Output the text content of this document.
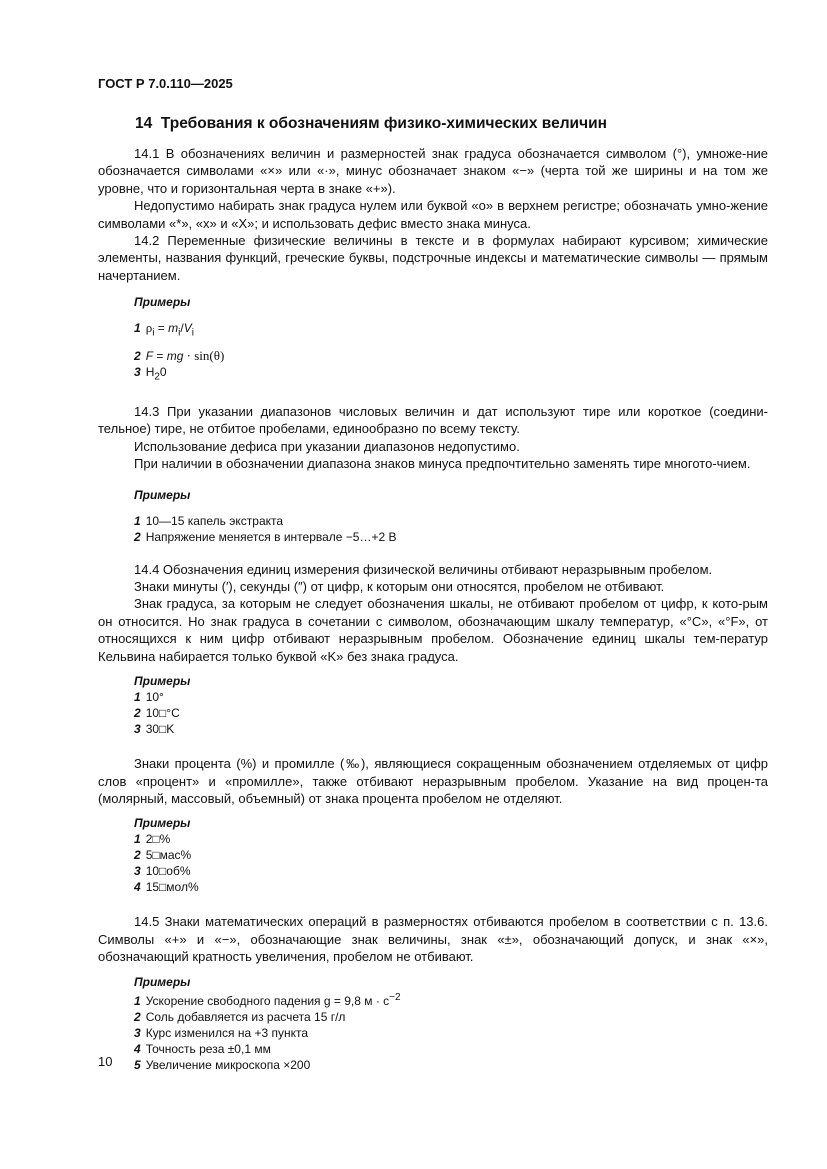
ГОСТ Р 7.0.110—2025
14 Требования к обозначениям физико-химических величин

14.1 В обозначениях величин и размерностей знак градуса обозначается символом (°), умноже-ние обозначается символами «×» или «·», минус обозначает знаком «−» (черта той же ширины и на том же уровне, что и горизонтальная черта в знаке «+»).

Недопустимо набирать знак градуса нулем или буквой «о» в верхнем регистре; обозначать умно-жение символами «*», «x» и «X»; и использовать дефис вместо знака минуса.

14.2 Переменные физические величины в тексте и в формулах набирают курсивом; химические элементы, названия функций, греческие буквы, подстрочные индексы и математические символы — прямым начертанием.

Примеры
1 $\rho_i = m_i/V_i$
2 F = mg · sin(θ)
3 $H_20$

14.3 При указании диапазонов числовых величин и дат используют тире или короткое (соедини-тельное) тире, не отбитое пробелами, единообразно по всему тексту.

Использование дефиса при указании диапазонов недопустимо.

При наличии в обозначении диапазона знаков минуса предпочтительно заменять тире многото-чием.

Примеры
1 10—15 капель экстракта
2 Напряжение меняется в интервале −5…+2 В

14.4 Обозначения единиц измерения физической величины отбивают неразрывным пробелом.

Знаки минуты (′), секунды (″) от цифр, к которым они относятся, пробелом не отбивают.

Знак градуса, за которым не следует обозначения шкалы, не отбивают пробелом от цифр, к кото-рым он относится. Но знак градуса в сочетании с символом, обозначающим шкалу температур, «°C», «°F», от относящихся к ним цифр отбивают неразрывным пробелом. Обозначение единиц шкалы тем-ператур Кельвина набирается только буквой «K» без знака градуса.

Примеры
1 10°
2 10□°C
3 30□K

Знаки процента (%) и промилле (‰), являющиеся сокращенным обозначением отделяемых от цифр слов «процент» и «промилле», также отбивают неразрывным пробелом. Указание на вид процен-та (молярный, массовый, объемный) от знака процента пробелом не отделяют.

Примеры
1 2□%
2 5□мас%
3 10□об%
4 15□мол%

14.5 Знаки математических операций в размерностях отбиваются пробелом в соответствии с п. 13.6. Символы «+» и «−», обозначающие знак величины, знак «±», обозначающий допуск, и знак «×», обозначающий кратность увеличения, пробелом не отбивают.

Примеры
1 Ускорение свободного падения g = 9,8 $м \cdot с^{-2}$
2 Соль добавляется из расчета 15 г/л
3 Курс изменился на +3 пункта
4 Точность реза ±0,1 мм
5 Увеличение микроскопа ×200
10
